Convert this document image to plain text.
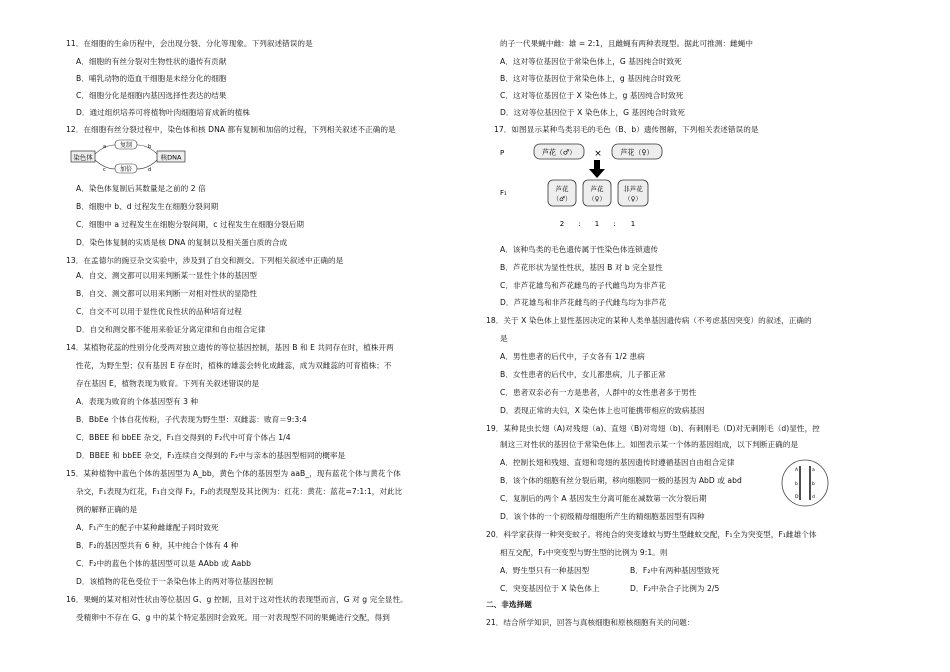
11．在细胞的生命历程中，会出现分裂、分化等现象。下列叙述错误的是
A．细胞的有丝分裂对生物性状的遗传有贡献
B．哺乳动物的造血干细胞是未经分化的细胞
C．细胞分化是细胞内基因选择性表达的结果
D．通过组织培养可将植物叶肉细胞培育成新的植株
12．在细胞有丝分裂过程中，染色体和核 DNA 都有复制和加倍的过程，下列相关叙述不正确的是
染色体	核DNA
复制
加倍
a	b
c	d
A．染色体复制后其数量是之前的 2 倍
B．细胞中 b、d 过程发生在细胞分裂间期
C．细胞中 a 过程发生在细胞分裂间期，c 过程发生在细胞分裂后期
D．染色体复制的实质是核 DNA 的复制以及相关蛋白质的合成
13．在孟德尔的豌豆杂交实验中，涉及到了自交和测交。下列相关叙述中正确的是
A．自交、测交都可以用来判断某一显性个体的基因型
B．自交、测交都可以用来判断一对相对性状的显隐性
C．自交不可以用于显性优良性状的品种培育过程
D．自交和测交都不能用来验证分离定律和自由组合定律
14．某植物花蕊的性别分化受两对独立遗传的等位基因控制，基因 B 和 E 共同存在时，植株开两
性花，为野生型；仅有基因 E 存在时，植株的雄蕊会转化成雌蕊，成为双雌蕊的可育植株；不
存在基因 E，植物表现为败育。下列有关叙述错误的是
A．表现为败育的个体基因型有 3 种
B．BbEe 个体自花传粉，子代表现为野生型：双雌蕊：败育＝9:3:4
C．BBEE 和 bbEE 杂交，F₁自交得到的 F₂代中可育个体占 1/4
D．BBEE 和 bbEE 杂交，F₁连续自交得到的 F₂中与亲本的基因型相同的概率是
15．某种植物中蓝色个体的基因型为 A_bb，黄色个体的基因型为 aaB_，现有蓝花个体与黄花个体
杂交，F₁表现为红花，F₁自交得 F₂，F₂的表现型及其比例为：红花：黄花：蓝花=7:1:1，对此比
例的解释正确的是
A．F₁产生的配子中某种雌雄配子同时致死
B．F₂的基因型共有 6 种，其中纯合个体有 4 种
C．F₂中的蓝色个体的基因型可以是 AAbb 或 Aabb
D．该植物的花色受位于一条染色体上的两对等位基因控制
16．果蝇的某对相对性状由等位基因 G、g 控制，且对于这对性状的表现型而言，G 对 g 完全显性。
受精卵中不存在 G、g 中的某个特定基因时会致死。用一对表现型不同的果蝇进行交配，得到
的子一代果蝇中雌：雄 = 2:1，且雌蝇有两种表现型。据此可推测：雌蝇中
A．这对等位基因位于常染色体上，G 基因纯合时致死
B．这对等位基因位于常染色体上，g 基因纯合时致死
C．这对等位基因位于 X 染色体上，g 基因纯合时致死
D．这对等位基因位于 X 染色体上，G 基因纯合时致死
17．如图显示某种鸟类羽毛的毛色（B、b）遗传图解，下列相关表述错误的是
P	芦花（♂） ×	芦花（♀）
F₁	芦花
（♂）
芦花
（♀）
非芦花
（♀）
2 : 1 : 1
A．该种鸟类的毛色遗传属于性染色体连锁遗传
B．芦花形状为显性性状，基因 B 对 b 完全显性
C．非芦花雄鸟和芦花雌鸟的子代雌鸟均为非芦花
D．芦花雄鸟和非芦花雌鸟的子代雌鸟均为非芦花
18．关于 X 染色体上显性基因决定的某种人类单基因遗传病（不考虑基因突变）的叙述，正确的
是
A．男性患者的后代中，子女各有 1/2 患病
B．女性患者的后代中，女儿都患病，儿子都正常
C．患者双亲必有一方是患者，人群中的女性患者多于男性
D．表现正常的夫妇，X 染色体上也可能携带相应的致病基因
19．某种昆虫长翅（A)对残翅（a)、直翅（B)对弯翅（b)、有刺刚毛（D)对无刺刚毛（d)显性，控
制这三对性状的基因位于常染色体上。如图表示某一个体的基因组成，以下判断正确的是
A．控制长翅和残翅、直翅和弯翅的基因遗传时遵循基因自由组合定律
B．该个体的细胞有丝分裂后期，移向细胞同一极的基因为 AbD 或 abd
C．复制后的两个 A 基因发生分离可能在减数第一次分裂后期
D．该个体的一个初级精母细胞所产生的精细胞基因型有四种
A
b
D
a
b
d
20．科学家获得一种突变蚊子。将纯合的突变雄蚊与野生型雌蚊交配，F₁全为突变型，F₁雌雄个体
相互交配，F₂中突变型与野生型的比例为 9:1。则
A．野生型只有一种基因型	B．F₂中有两种基因型致死
C．突变基因位于 X 染色体上	D．F₂中杂合子比例为 2/5
二、非选择题
21．结合所学知识，回答与真核细胞和原核细胞有关的问题：
